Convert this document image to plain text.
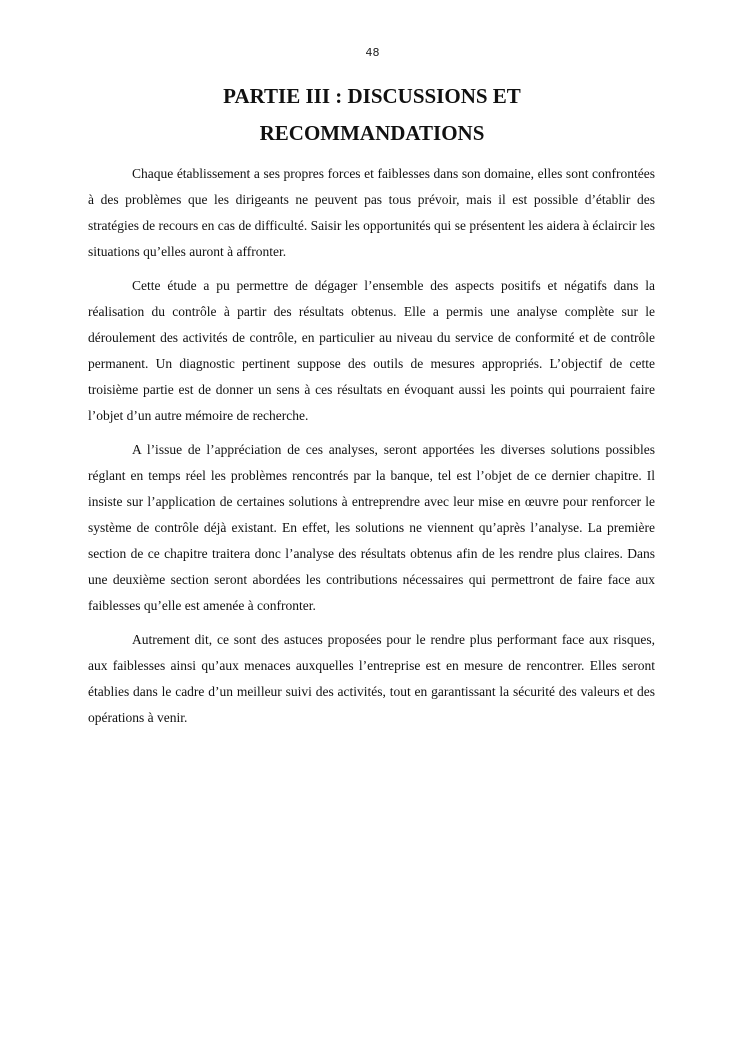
48
PARTIE III : DISCUSSIONS ET
RECOMMANDATIONS

Chaque établissement a ses propres forces et faiblesses dans son domaine, elles sont confrontées à des problèmes que les dirigeants ne peuvent pas tous prévoir, mais il est possible d’établir des stratégies de recours en cas de difficulté. Saisir les opportunités qui se présentent les aidera à éclaircir les situations qu’elles auront à affronter.

Cette étude a pu permettre de dégager l’ensemble des aspects positifs et négatifs dans la réalisation du contrôle à partir des résultats obtenus. Elle a permis une analyse complète sur le déroulement des activités de contrôle, en particulier au niveau du service de conformité et de contrôle permanent. Un diagnostic pertinent suppose des outils de mesures appropriés. L’objectif de cette troisième partie est de donner un sens à ces résultats en évoquant aussi les points qui pourraient faire l’objet d’un autre mémoire de recherche.

A l’issue de l’appréciation de ces analyses, seront apportées les diverses solutions possibles réglant en temps réel les problèmes rencontrés par la banque, tel est l’objet de ce dernier chapitre. Il insiste sur l’application de certaines solutions à entreprendre avec leur mise en œuvre pour renforcer le système de contrôle déjà existant. En effet, les solutions ne viennent qu’après l’analyse. La première section de ce chapitre traitera donc l’analyse des résultats obtenus afin de les rendre plus claires. Dans une deuxième section seront abordées les contributions nécessaires qui permettront de faire face aux faiblesses qu’elle est amenée à confronter.

Autrement dit, ce sont des astuces proposées pour le rendre plus performant face aux risques, aux faiblesses ainsi qu’aux menaces auxquelles l’entreprise est en mesure de rencontrer. Elles seront établies dans le cadre d’un meilleur suivi des activités, tout en garantissant la sécurité des valeurs et des opérations à venir.
